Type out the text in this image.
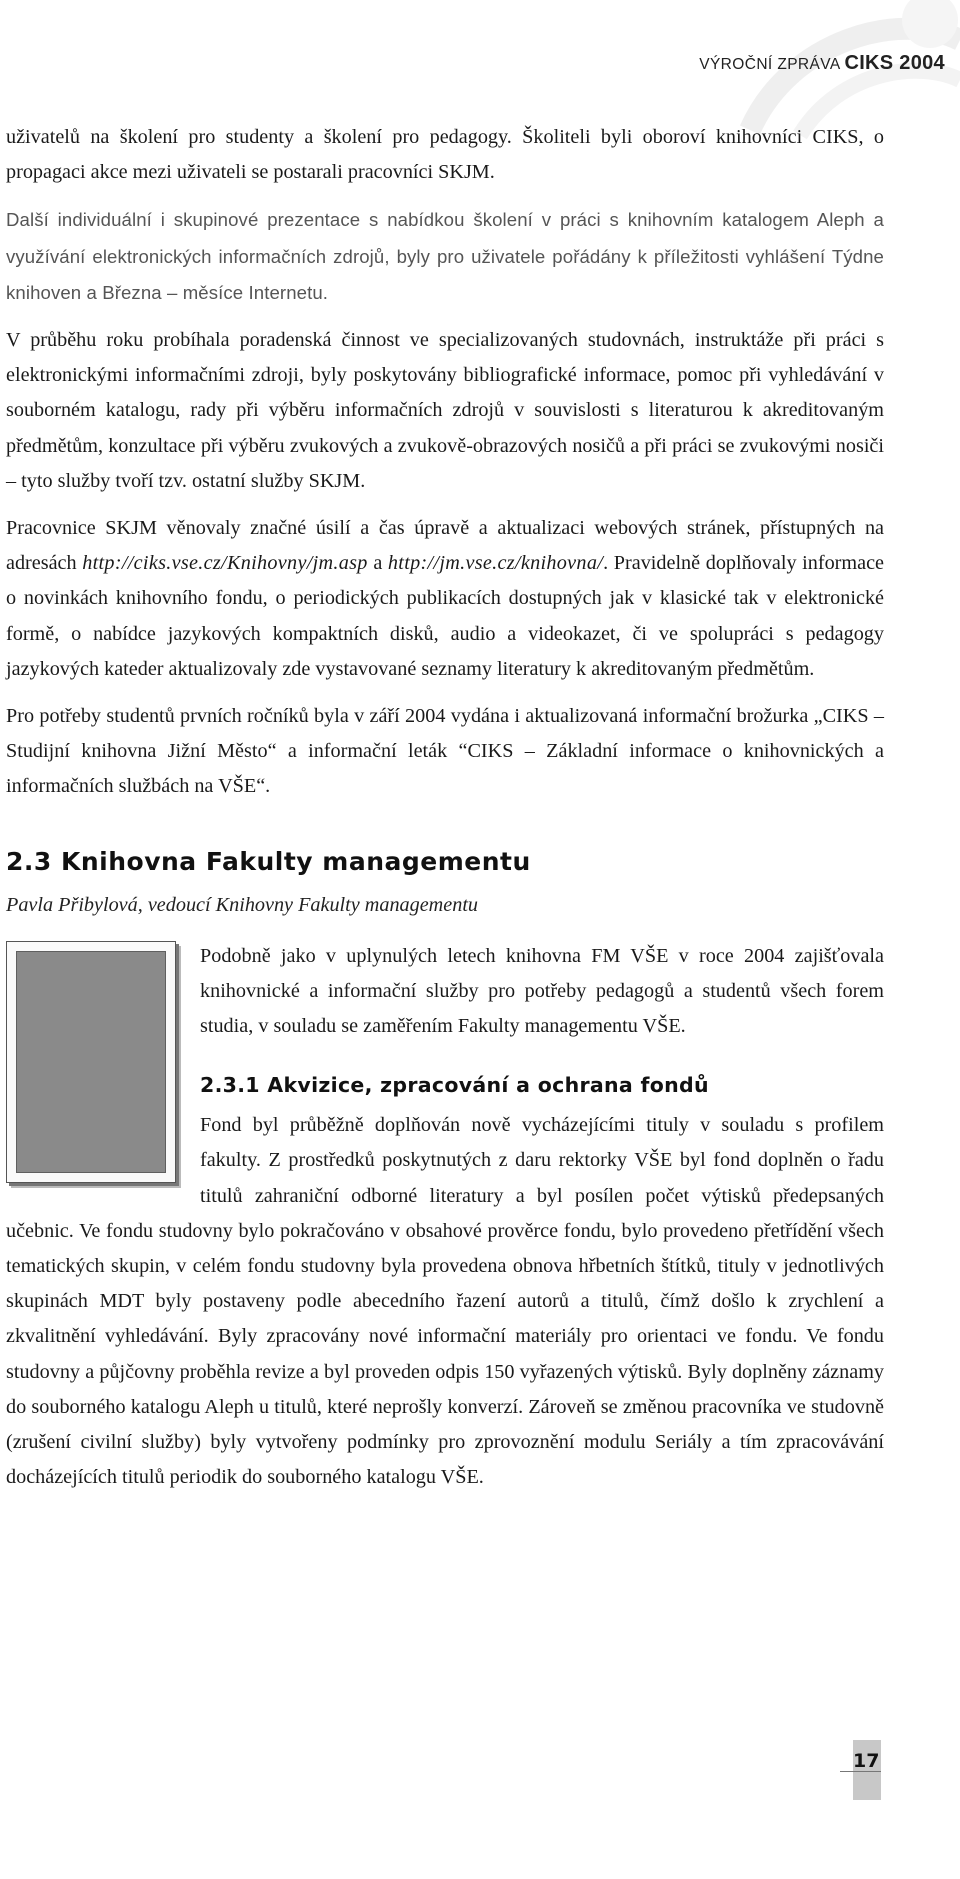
VÝROČNÍ ZPRÁVA CIKS 2004

uživatelů na školení pro studenty a školení pro pedagogy. Školiteli byli oboroví knihovníci CIKS, o propagaci akce mezi uživateli se postarali pracovníci SKJM.

Další individuální i skupinové prezentace s nabídkou školení v práci s knihovním katalogem Aleph a využívání elektronických informačních zdrojů, byly pro uživatele pořádány k příležitosti vyhlášení Týdne knihoven a Března – měsíce Internetu.

V průběhu roku probíhala poradenská činnost ve specializovaných studovnách, instruktáže při práci s elektronickými informačními zdroji, byly poskytovány bibliografické informace, pomoc při vyhledávání v souborném katalogu, rady při výběru informačních zdrojů v souvislosti s literaturou k akreditovaným předmětům, konzultace při výběru zvukových a zvukově-obrazových nosičů a při práci se zvukovými nosiči – tyto služby tvoří tzv. ostatní služby SKJM.

Pracovnice SKJM věnovaly značné úsilí a čas úpravě a aktualizaci webových stránek, přístupných na adresách http://ciks.vse.cz/Knihovny/jm.asp a http://jm.vse.cz/knihovna/. Pravidelně doplňovaly informace o novinkách knihovního fondu, o periodických publikacích dostupných jak v klasické tak v elektronické formě, o nabídce jazykových kompaktních disků, audio a videokazet, či ve spolupráci s pedagogy jazykových kateder aktualizovaly zde vystavované seznamy literatury k akreditovaným předmětům.

Pro potřeby studentů prvních ročníků byla v září 2004 vydána i aktualizovaná informační brožurka „CIKS – Studijní knihovna Jižní Město“ a informační leták “CIKS – Základní informace o knihovnických a informačních službách na VŠE“.

2.3 Knihovna Fakulty managementu
Pavla Přibylová, vedoucí Knihovny Fakulty managementu

Podobně jako v uplynulých letech knihovna FM VŠE v roce 2004 zajišťovala knihovnické a informační služby pro potřeby pedagogů a studentů všech forem studia, v souladu se zaměřením Fakulty managementu VŠE.

2.3.1 Akvizice, zpracování a ochrana fondů

Fond byl průběžně doplňován nově vycházejícími tituly v souladu s profilem fakulty. Z prostředků poskytnutých z daru rektorky VŠE byl fond doplněn o řadu titulů zahraniční odborné literatury a byl posílen počet výtisků předepsaných učebnic. Ve fondu studovny bylo pokračováno v obsahové prověrce fondu, bylo provedeno přetřídění všech tematických skupin, v celém fondu studovny byla provedena obnova hřbetních štítků, tituly v jednotlivých skupinách MDT byly postaveny podle abecedního řazení autorů a titulů, čímž došlo k zrychlení a zkvalitnění vyhledávání. Byly zpracovány nové informační materiály pro orientaci ve fondu. Ve fondu studovny a půjčovny proběhla revize a byl proveden odpis 150 vyřazených výtisků. Byly doplněny záznamy do souborného katalogu Aleph u titulů, které neprošly konverzí. Zároveň se změnou pracovníka ve studovně (zrušení civilní služby) byly vytvořeny podmínky pro zprovoznění modulu Seriály a tím zpracovávání docházejících titulů periodik do souborného katalogu VŠE.

17
